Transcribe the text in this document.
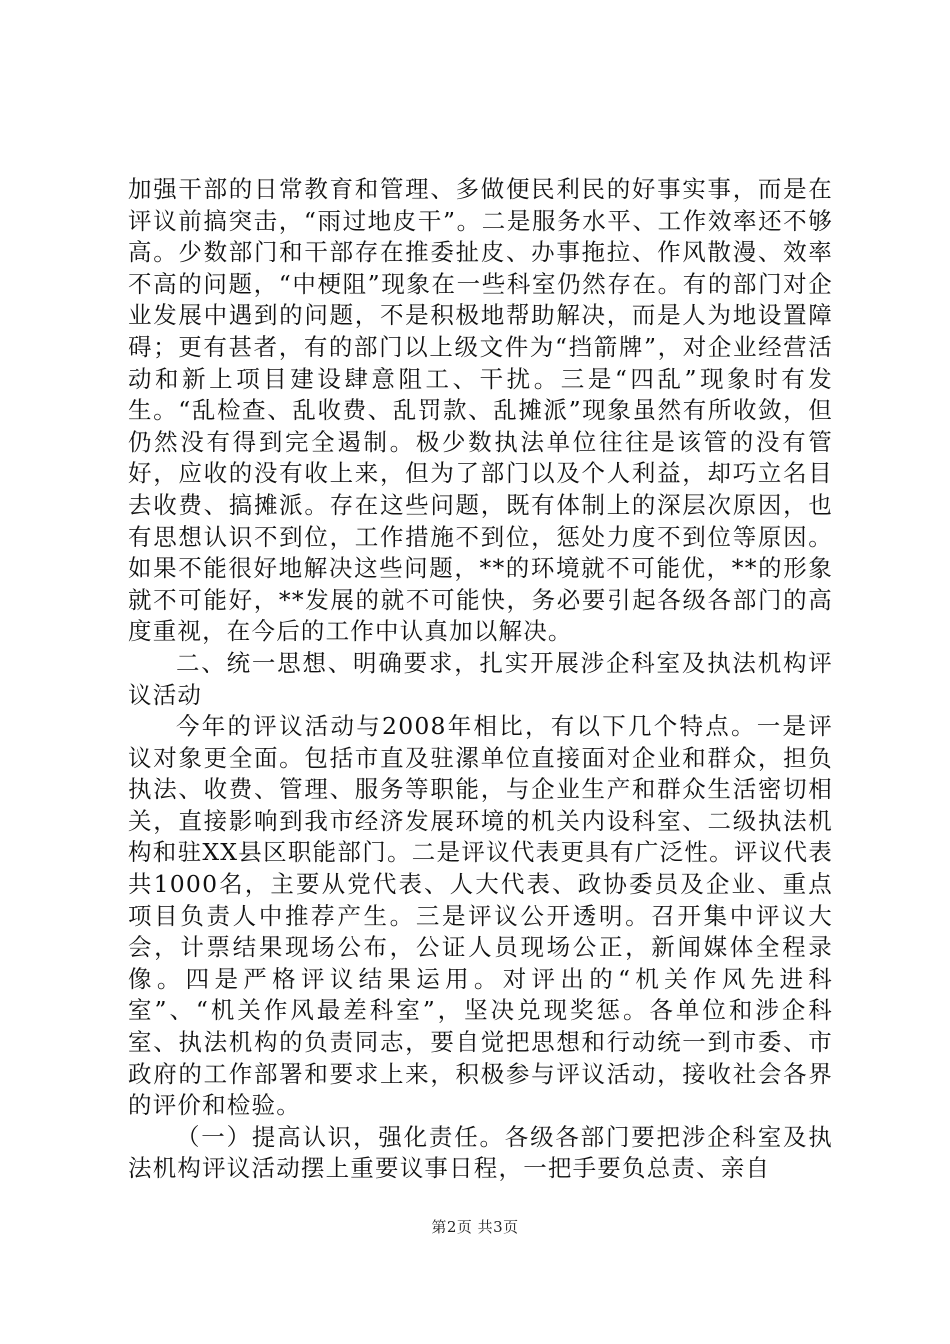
加强干部的日常教育和管理、多做便民利民的好事实事，而是在评议前搞突击，“雨过地皮干”。二是服务水平、工作效率还不够高。少数部门和干部存在推委扯皮、办事拖拉、作风散漫、效率不高的问题，“中梗阻”现象在一些科室仍然存在。有的部门对企业发展中遇到的问题，不是积极地帮助解决，而是人为地设置障碍；更有甚者，有的部门以上级文件为“挡箭牌”，对企业经营活动和新上项目建设肆意阻工、干扰。三是“四乱”现象时有发生。“乱检查、乱收费、乱罚款、乱摊派”现象虽然有所收敛，但仍然没有得到完全遏制。极少数执法单位往往是该管的没有管好，应收的没有收上来，但为了部门以及个人利益，却巧立名目去收费、搞摊派。存在这些问题，既有体制上的深层次原因，也有思想认识不到位，工作措施不到位，惩处力度不到位等原因。如果不能很好地解决这些问题，**的环境就不可能优，**的形象就不可能好，**发展的就不可能快，务必要引起各级各部门的高度重视，在今后的工作中认真加以解决。

二、统一思想、明确要求，扎实开展涉企科室及执法机构评议活动

今年的评议活动与2008年相比，有以下几个特点。一是评议对象更全面。包括市直及驻漯单位直接面对企业和群众，担负执法、收费、管理、服务等职能，与企业生产和群众生活密切相关，直接影响到我市经济发展环境的机关内设科室、二级执法机构和驻XX县区职能部门。二是评议代表更具有广泛性。评议代表共1000名，主要从党代表、人大代表、政协委员及企业、重点项目负责人中推荐产生。三是评议公开透明。召开集中评议大会，计票结果现场公布，公证人员现场公正，新闻媒体全程录像。四是严格评议结果运用。对评出的“机关作风先进科室”、“机关作风最差科室”，坚决兑现奖惩。各单位和涉企科室、执法机构的负责同志，要自觉把思想和行动统一到市委、市政府的工作部署和要求上来，积极参与评议活动，接收社会各界的评价和检验。

（一）提高认识，强化责任。各级各部门要把涉企科室及执法机构评议活动摆上重要议事日程，一把手要负总责、亲自

第2页 共3页
